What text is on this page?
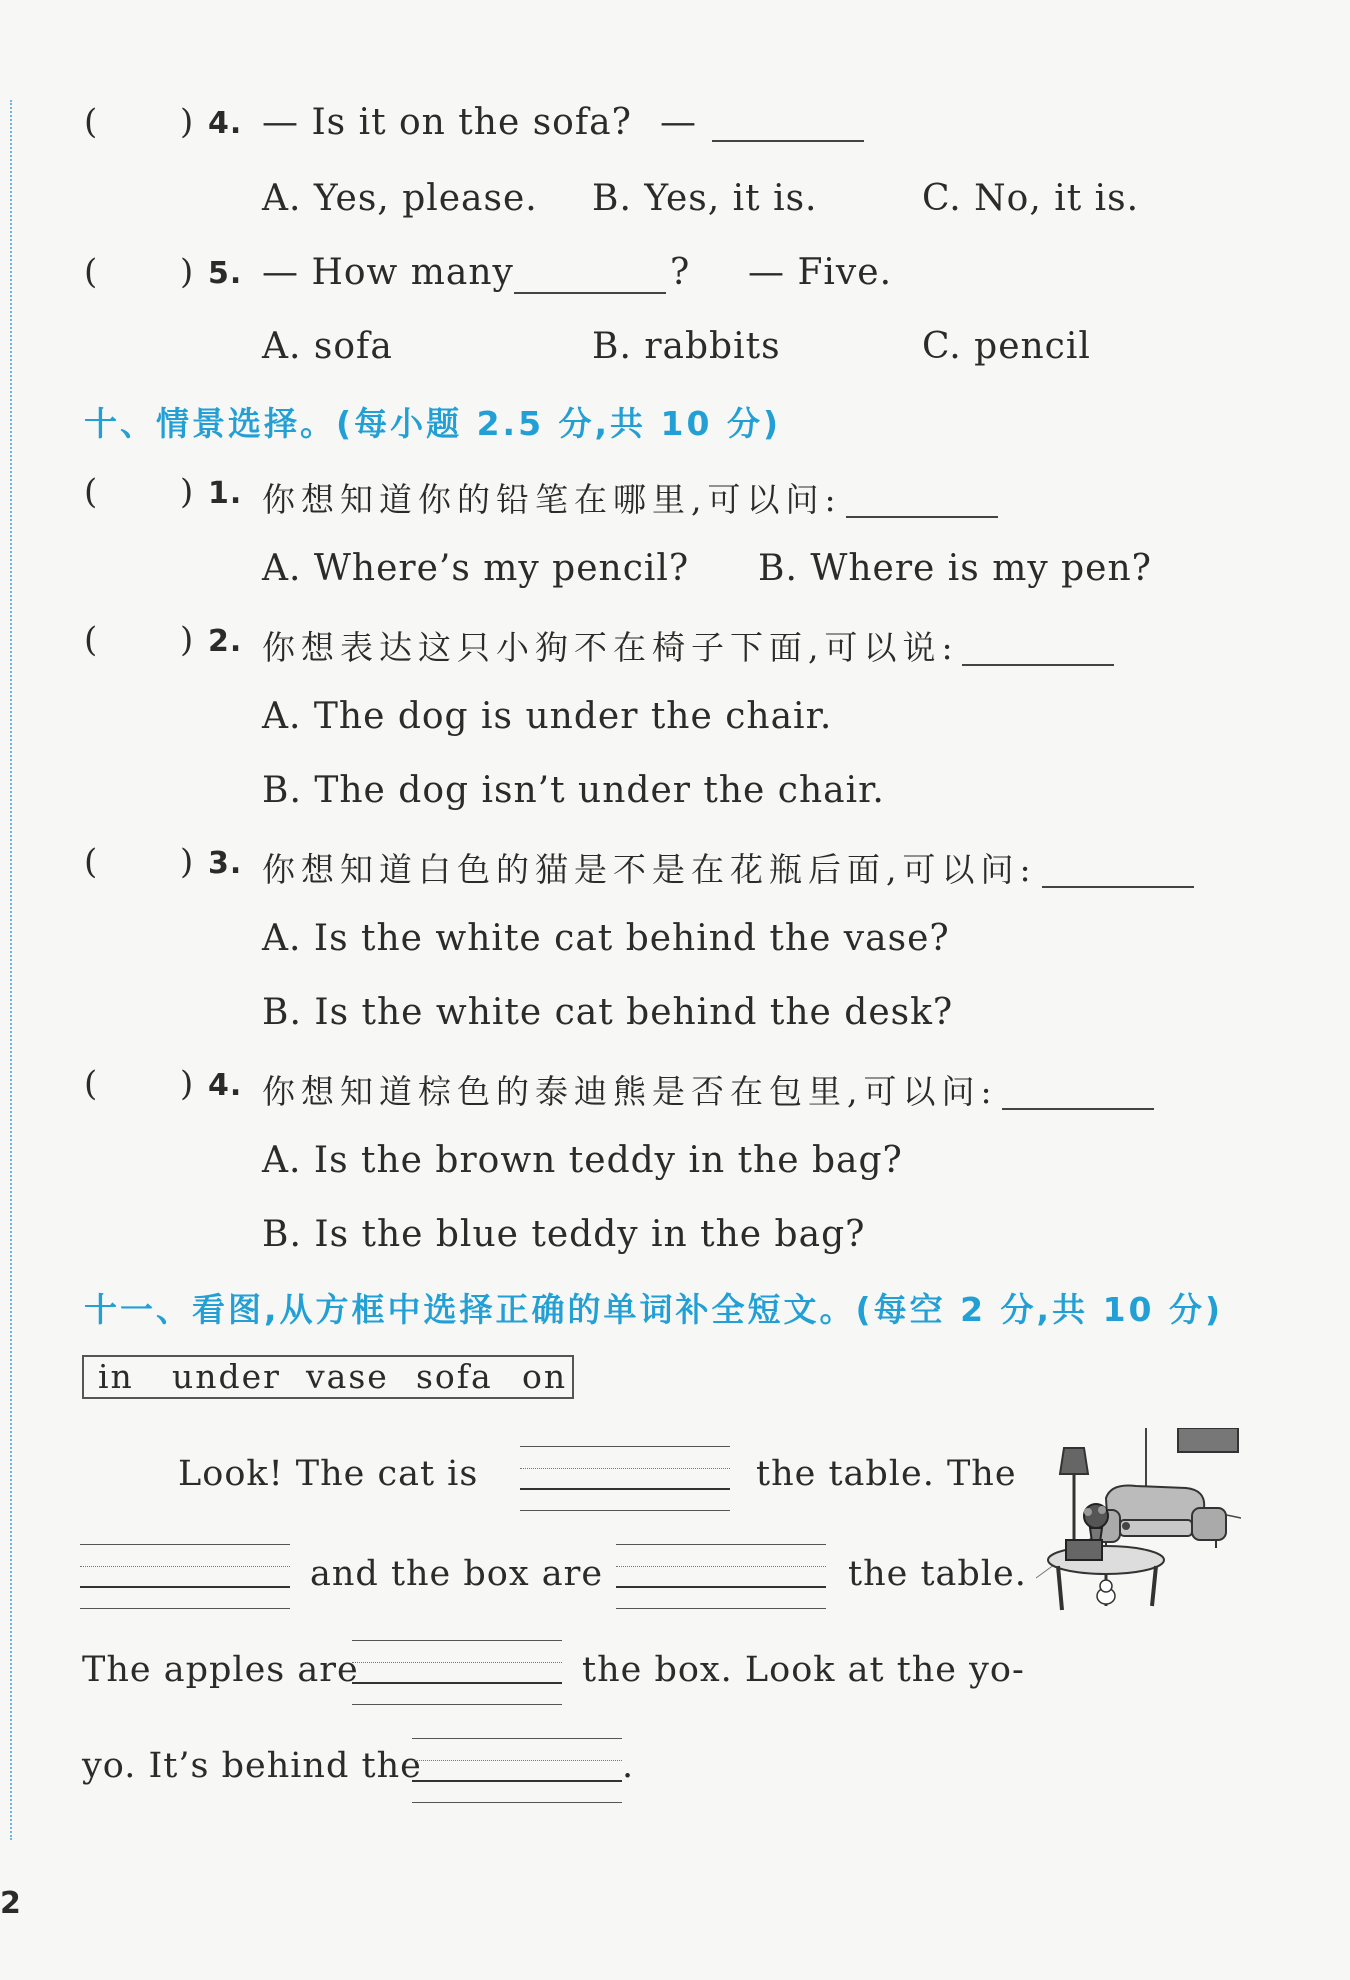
( ) 4. — Is it on the sofa? —
A. Yes, please. B. Yes, it is.	C. No, it is.
( ) 5. — How many	? — Five.
A. sofa	B. rabbits	C. pencil
十、情景选择。(每小题 2.5 分,共 10 分)
( ) 1. 你想知道你的铅笔在哪里,可以问:
A. Where’s my pencil? B. Where is my pen?
( ) 2. 你想表达这只小狗不在椅子下面,可以说:
A. The dog is under the chair.
B. The dog isn’t under the chair.
( ) 3. 你想知道白色的猫是不是在花瓶后面,可以问:
A. Is the white cat behind the vase?
B. Is the white cat behind the desk?
( ) 4. 你想知道棕色的泰迪熊是否在包里,可以问:
A. Is the brown teddy in the bag?
B. Is the blue teddy in the bag?
十一、看图,从方框中选择正确的单词补全短文。(每空 2 分,共 10 分)
in under vase sofa on
Look! The cat is	the table. The
and the box are	the table.
The apples are	the box. Look at the yo-
yo. It’s behind the	.
2
